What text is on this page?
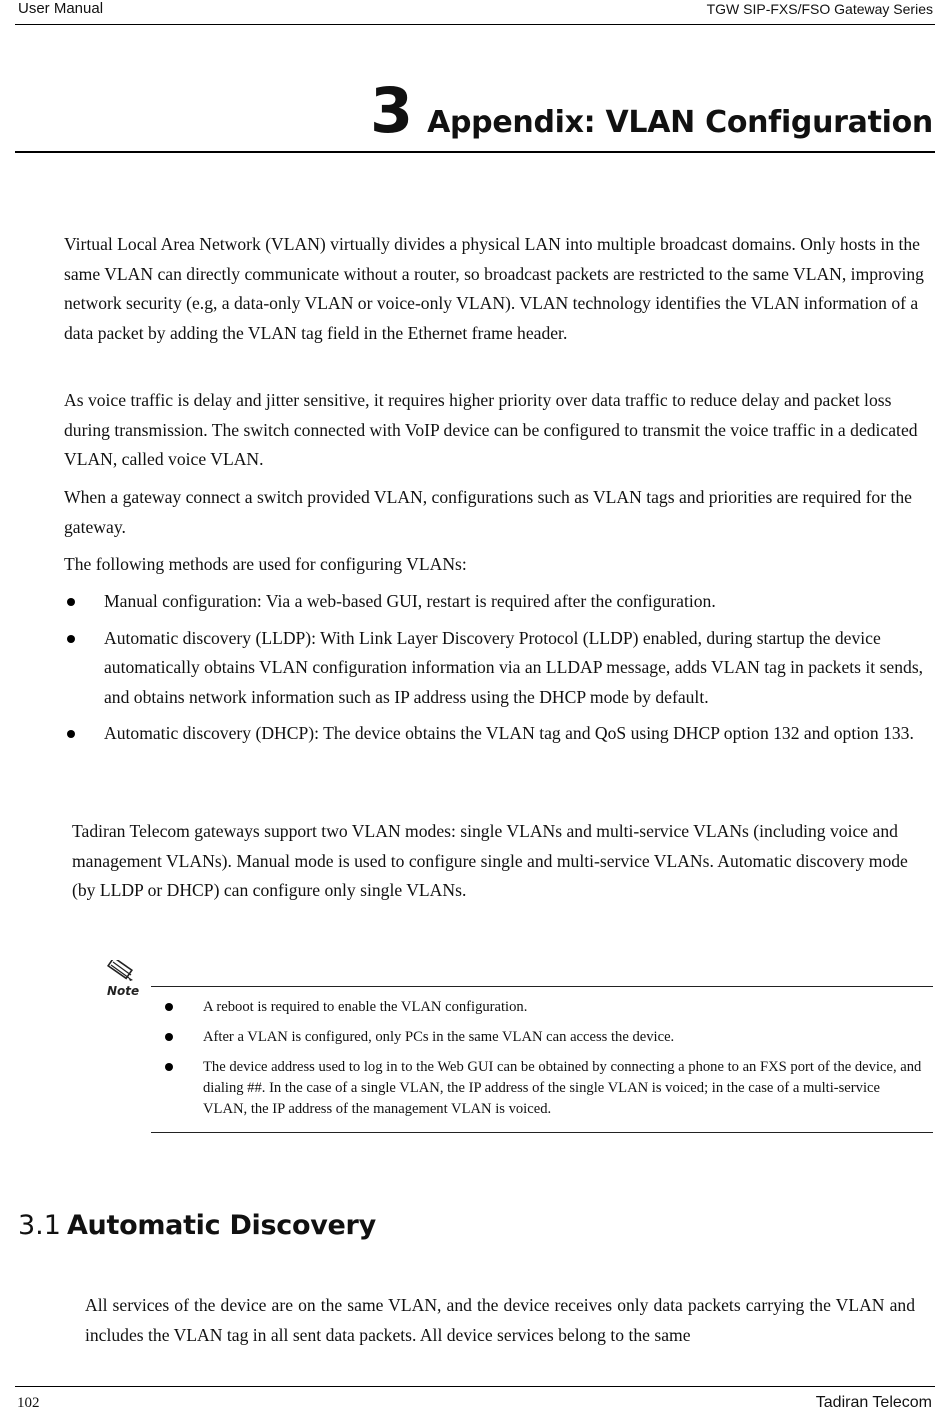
User Manual	TGW SIP-FXS/FSO Gateway Series
3 Appendix: VLAN Configuration

Virtual Local Area Network (VLAN) virtually divides a physical LAN into multiple broadcast domains. Only hosts in the same VLAN can directly communicate without a router, so broadcast packets are restricted to the same VLAN, improving network security (e.g, a data-only VLAN or voice-only VLAN). VLAN technology identifies the VLAN information of a data packet by adding the VLAN tag field in the Ethernet frame header.

As voice traffic is delay and jitter sensitive, it requires higher priority over data traffic to reduce delay and packet loss during transmission. The switch connected with VoIP device can be configured to transmit the voice traffic in a dedicated VLAN, called voice VLAN.

When a gateway connect a switch provided VLAN, configurations such as VLAN tags and priorities are required for the gateway.

The following methods are used for configuring VLANs:

Manual configuration: Via a web-based GUI, restart is required after the configuration.
Automatic discovery (LLDP): With Link Layer Discovery Protocol (LLDP) enabled, during startup the device automatically obtains VLAN configuration information via an LLDAP message, adds VLAN tag in packets it sends, and obtains network information such as IP address using the DHCP mode by default.
Automatic discovery (DHCP): The device obtains the VLAN tag and QoS using DHCP option 132 and option 133.

Tadiran Telecom gateways support two VLAN modes: single VLANs and multi-service VLANs (including voice and management VLANs). Manual mode is used to configure single and multi-service VLANs. Automatic discovery mode (by LLDP or DHCP) can configure only single VLANs.

Note
A reboot is required to enable the VLAN configuration.
After a VLAN is configured, only PCs in the same VLAN can access the device.
The device address used to log in to the Web GUI can be obtained by connecting a phone to an FXS port of the device, and dialing ##. In the case of a single VLAN, the IP address of the single VLAN is voiced; in the case of a multi-service VLAN, the IP address of the management VLAN is voiced.
3.1 Automatic Discovery

All services of the device are on the same VLAN, and the device receives only data packets carrying the VLAN and includes the VLAN tag in all sent data packets. All device services belong to the same

102	Tadiran Telecom
